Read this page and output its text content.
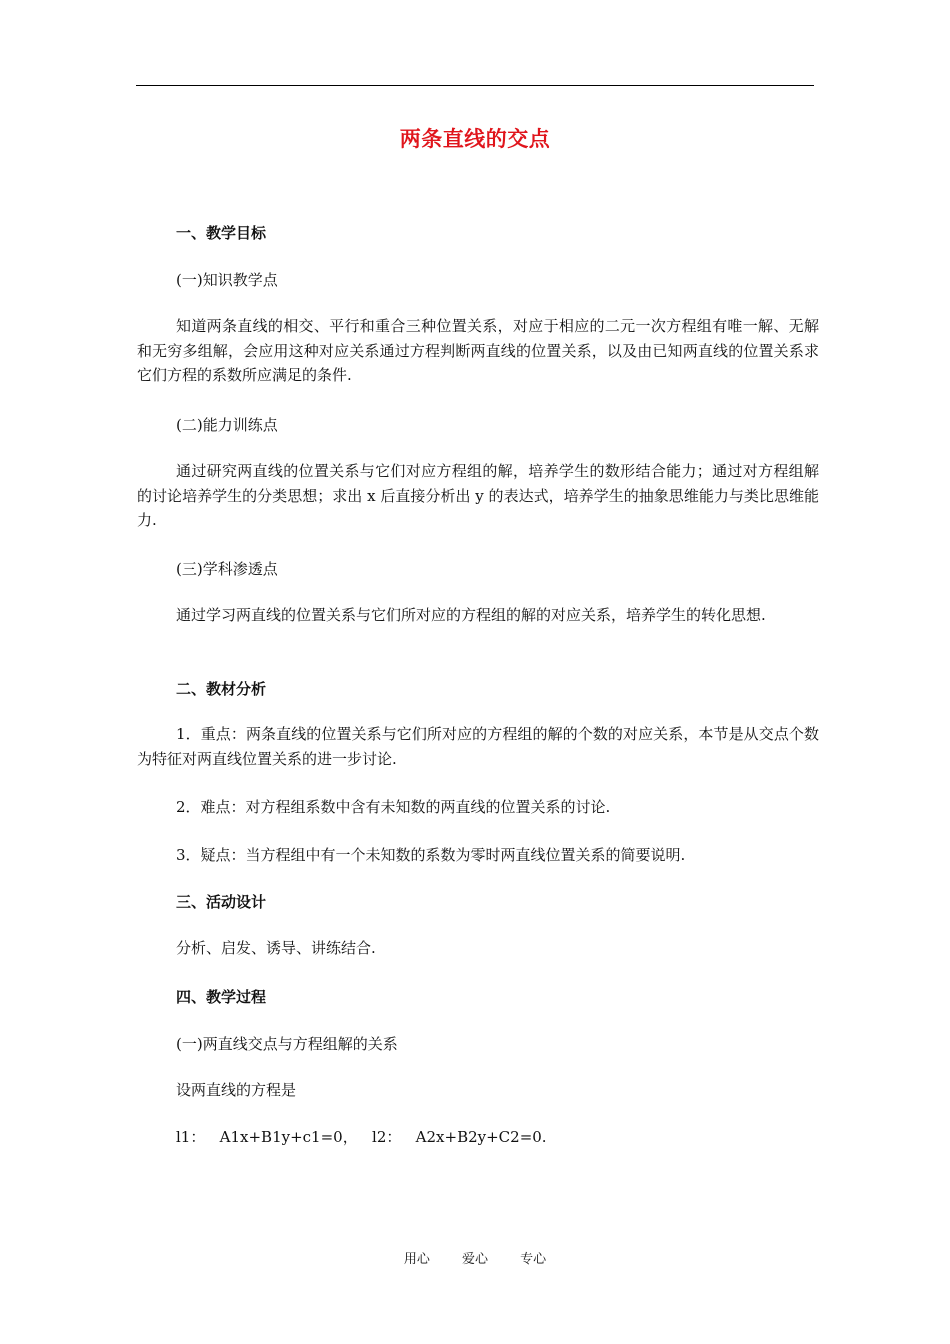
两条直线的交点
一、教学目标
(一)知识教学点
知道两条直线的相交、平行和重合三种位置关系，对应于相应的二元一次方程组有唯一解、无解和无穷多组解，会应用这种对应关系通过方程判断两直线的位置关系，以及由已知两直线的位置关系求它们方程的系数所应满足的条件.
(二)能力训练点
通过研究两直线的位置关系与它们对应方程组的解，培养学生的数形结合能力；通过对方程组解的讨论培养学生的分类思想；求出 x 后直接分析出 y 的表达式，培养学生的抽象思维能力与类比思维能力.
(三)学科渗透点
通过学习两直线的位置关系与它们所对应的方程组的解的对应关系，培养学生的转化思想.
二、教材分析
1．重点：两条直线的位置关系与它们所对应的方程组的解的个数的对应关系，本节是从交点个数为特征对两直线位置关系的进一步讨论.
2．难点：对方程组系数中含有未知数的两直线的位置关系的讨论.
3．疑点：当方程组中有一个未知数的系数为零时两直线位置关系的简要说明.
三、活动设计
分析、启发、诱导、讲练结合.
四、教学过程
(一)两直线交点与方程组解的关系
设两直线的方程是
l1：   A1x+B1y+c1=0，   l2：   A2x+B2y+C2=0.
用心 爱心 专心
